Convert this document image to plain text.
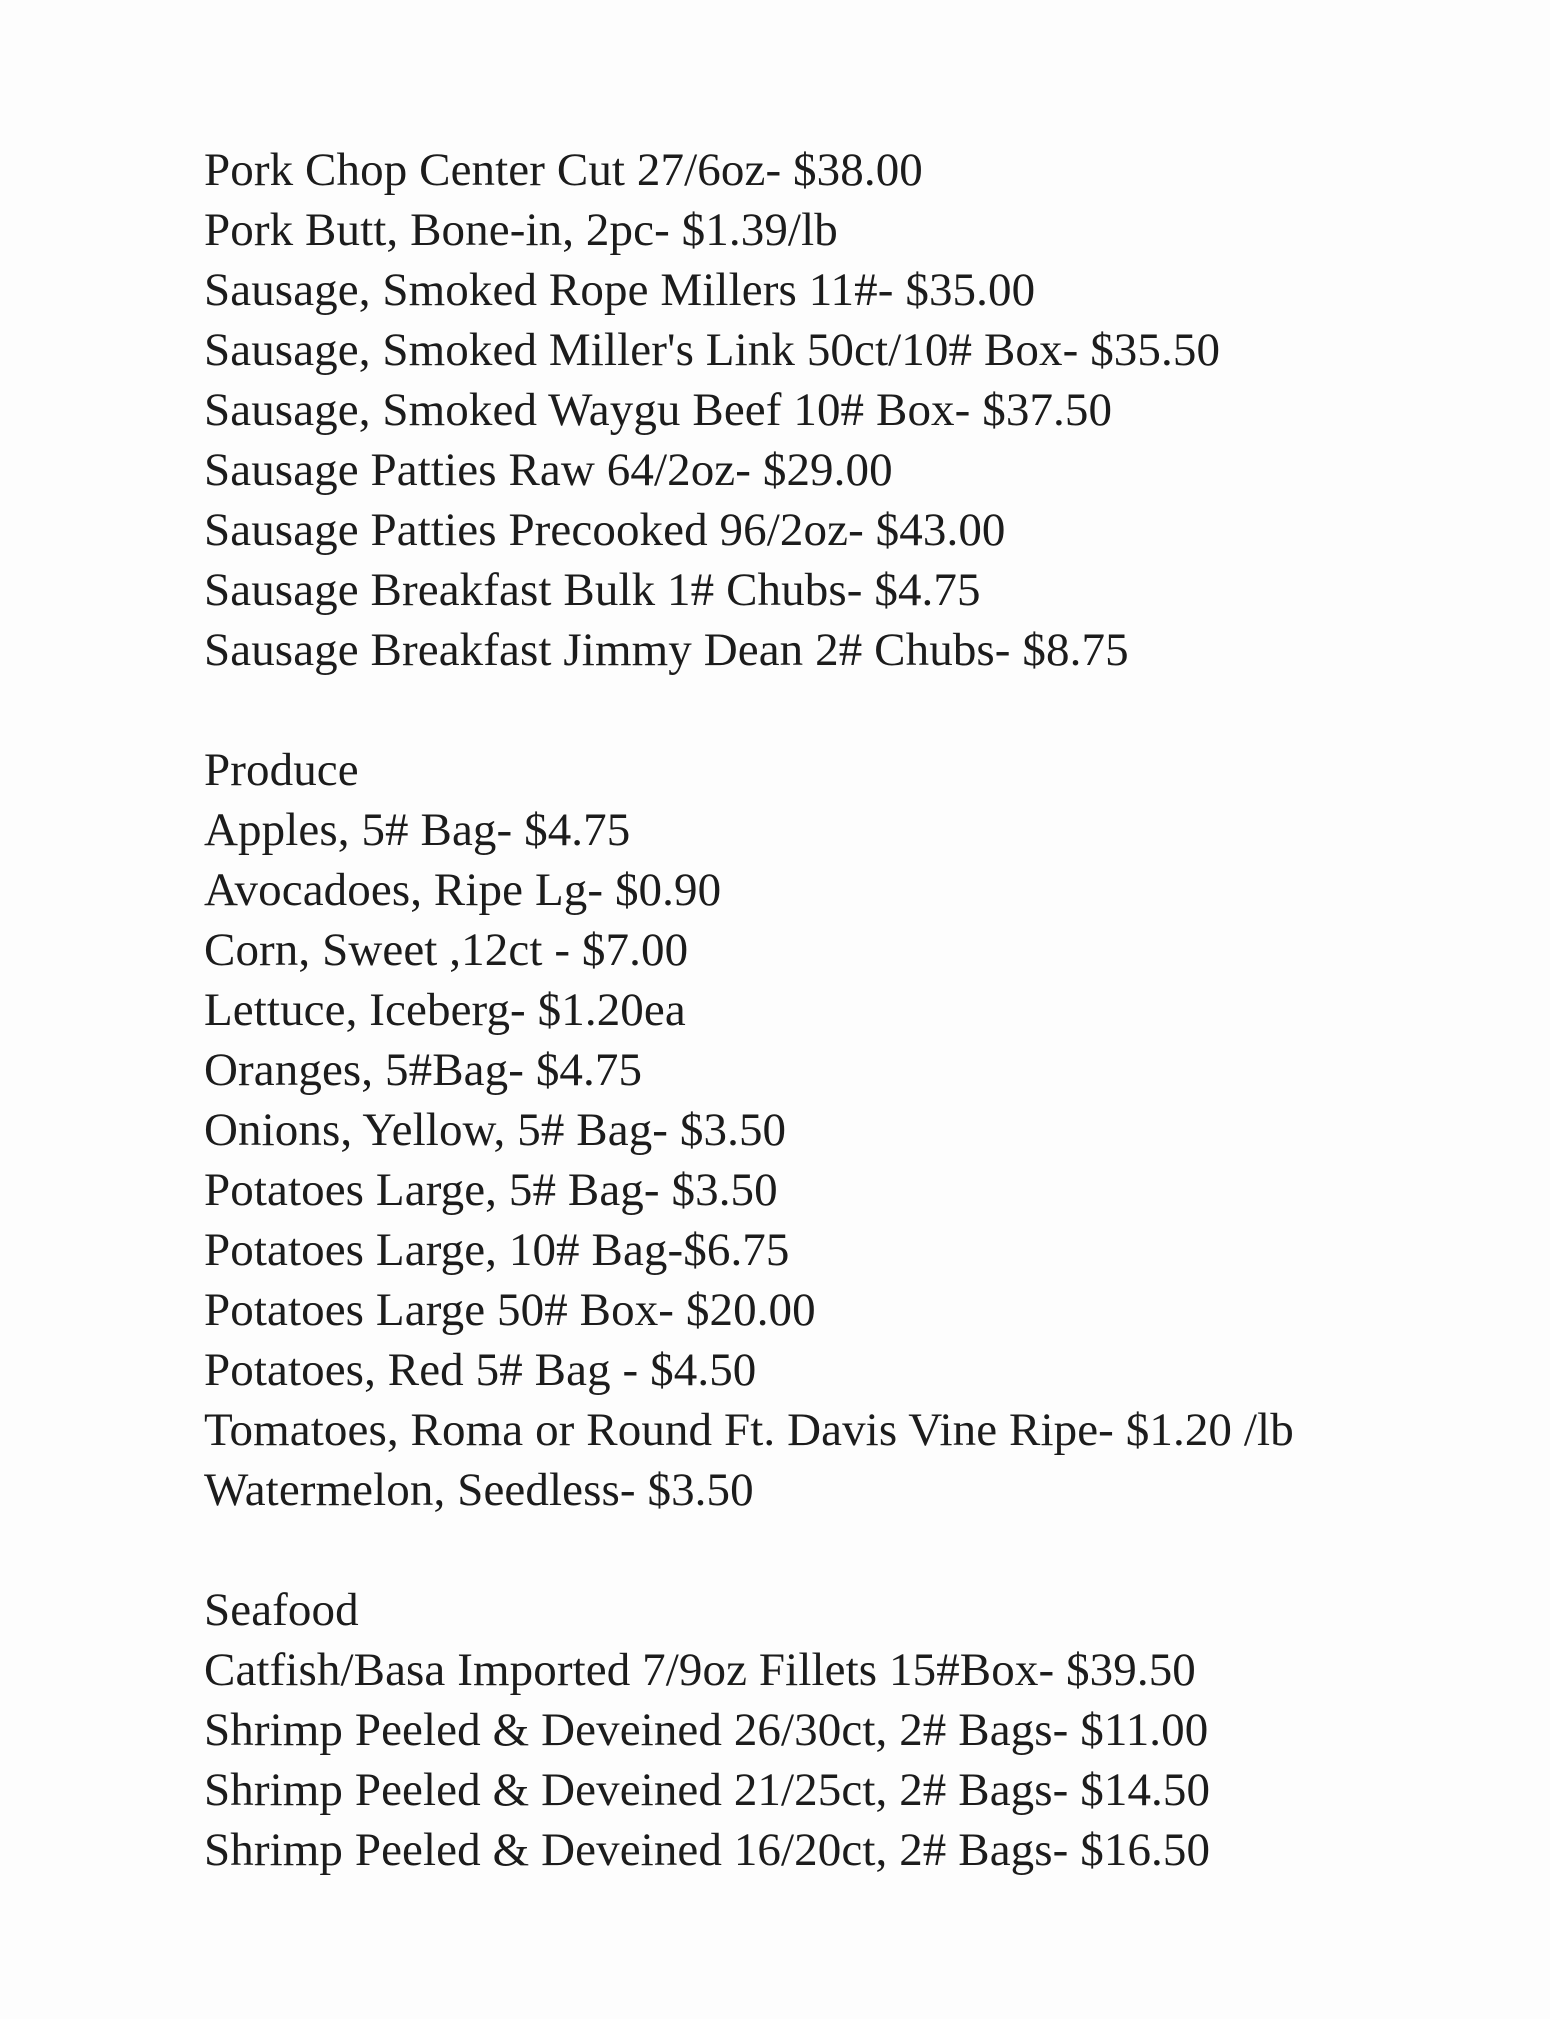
Pork Chop Center Cut 27/6oz- $38.00
Pork Butt, Bone-in, 2pc- $1.39/lb
Sausage, Smoked Rope Millers 11#- $35.00
Sausage, Smoked Miller's Link 50ct/10# Box- $35.50
Sausage, Smoked Waygu Beef 10# Box- $37.50
Sausage Patties Raw 64/2oz- $29.00
Sausage Patties Precooked 96/2oz- $43.00
Sausage Breakfast Bulk 1# Chubs- $4.75
Sausage Breakfast Jimmy Dean 2# Chubs- $8.75
Produce
Apples, 5# Bag- $4.75
Avocadoes, Ripe Lg- $0.90
Corn, Sweet ,12ct - $7.00
Lettuce, Iceberg- $1.20ea
Oranges, 5#Bag- $4.75
Onions, Yellow, 5# Bag- $3.50
Potatoes Large, 5# Bag- $3.50
Potatoes Large, 10# Bag-$6.75
Potatoes Large 50# Box- $20.00
Potatoes, Red 5# Bag - $4.50
Tomatoes, Roma or Round Ft. Davis Vine Ripe- $1.20 /lb
Watermelon, Seedless- $3.50
Seafood
Catfish/Basa Imported 7/9oz Fillets 15#Box- $39.50
Shrimp Peeled & Deveined 26/30ct, 2# Bags- $11.00
Shrimp Peeled & Deveined 21/25ct, 2# Bags- $14.50
Shrimp Peeled & Deveined 16/20ct, 2# Bags- $16.50
